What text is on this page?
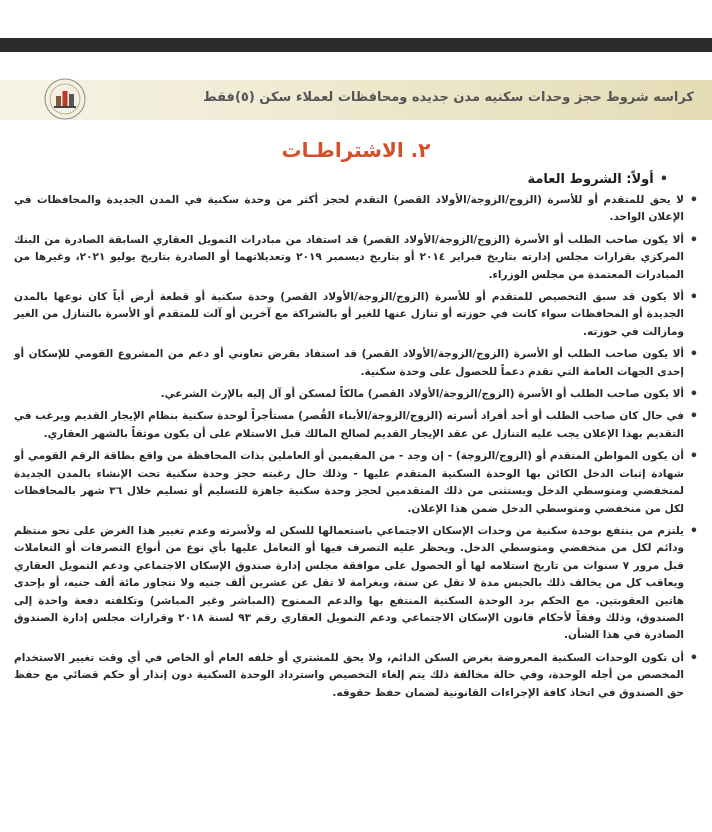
كراسه شروط حجز وحدات سكنيه مدن جديده ومحافظات لعملاء سكن (٥)فقط
٢. الاشتراطـات
•أولاً: الشروط العامة
• لا يحق للمتقدم أو للأسرة (الزوج/الزوجة/الأولاد القصر) التقدم لحجز أكثر من وحدة سكنية في المدن الجديدة والمحافظات في الإعلان الواحد.
• ألا يكون صاحب الطلب أو الأسرة (الزوج/الزوجة/الأولاد القصر) قد استفاد من مبادرات التمويل العقاري السابقة الصادرة من البنك المركزي بقرارات مجلس إدارته بتاريخ فبراير ٢٠١٤ أو بتاريخ ديسمبر ٢٠١٩ وتعديلاتهما أو الصادرة بتاريخ يوليو ٢٠٢١، وغيرها من المبادرات المعتمدة من مجلس الوزراء.
• ألا يكون قد سبق التخصيص للمتقدم أو للأسرة (الزوج/الزوجة/الأولاد القصر) وحدة سكنية أو قطعة أرض أياً كان نوعها بالمدن الجديدة أو المحافظات سواء كانت في حوزته أو تنازل عنها للغير أو بالشراكة مع آخرين أو آلت للمتقدم أو الأسرة بالتنازل من الغير ومازالت في حوزته.
• ألا يكون صاحب الطلب أو الأسرة (الزوج/الزوجة/الأولاد القصر) قد استفاد بقرض تعاوني أو دعم من المشروع القومي للإسكان أو إحدى الجهات العامة التي تقدم دعماً للحصول على وحدة سكنية.
• ألا يكون صاحب الطلب أو الأسرة (الزوج/الزوجة/الأولاد القصر) مالكاً لمسكن أو آل إليه بالإرث الشرعي.
• في حال كان صاحب الطلب أو أحد أفراد أسرته (الزوج/الزوجة/الأبناء القُصر) مستأجراً لوحدة سكنية بنظام الإيجار القديم ويرغب في التقديم بهذا الإعلان يجب عليه التنازل عن عقد الإيجار القديم لصالح المالك قبل الاستلام على أن يكون موثقاً بالشهر العقاري.
• أن يكون المواطن المتقدم أو (الزوج/الزوجة) - إن وجد - من المقيمين أو العاملين بذات المحافظة من واقع بطاقة الرقم القومي أو شهادة إثبات الدخل الكائن بها الوحدة السكنية المتقدم عليها - وذلك حال رغبته حجز وحدة سكنية تحت الإنشاء بالمدن الجديدة لمنخفضي ومتوسطي الدخل ويستثنى من ذلك المتقدمين لحجز وحدة سكنية جاهزة للتسليم أو تسليم خلال ٣٦ شهر بالمحافظات لكل من منخفضي ومتوسطي الدخل ضمن هذا الإعلان.
• يلتزم من ينتفع بوحدة سكنية من وحدات الإسكان الاجتماعي باستعمالها للسكن له ولأسرته وعدم تغيير هذا الغرض على نحو منتظم ودائم لكل من منخفضي ومتوسطي الدخل. ويحظر عليه التصرف فيها أو التعامل عليها بأي نوع من أنواع التصرفات أو التعاملات قبل مرور ٧ سنوات من تاريخ استلامه لها أو الحصول على موافقة مجلس إدارة صندوق الإسكان الاجتماعي ودعم التمويل العقاري ويعاقب كل من يخالف ذلك بالحبس مدة لا تقل عن سنة، وبغرامة لا تقل عن عشرين ألف جنيه ولا تتجاوز مائة ألف جنيه، أو بإحدى هاتين العقوبتين. مع الحكم برد الوحدة السكنية المنتفع بها والدعم الممنوح (المباشر وغير المباشر) وتكلفته دفعة واحدة إلى الصندوق، وذلك وفقاً لأحكام قانون الإسكان الاجتماعي ودعم التمويل العقاري رقم ٩٣ لسنة ٢٠١٨ وقرارات مجلس إدارة الصندوق الصادرة في هذا الشأن.
• أن تكون الوحدات السكنية المعروضة بغرض السكن الدائم، ولا يحق للمشتري أو خلفه العام أو الخاص في أي وقت تغيير الاستخدام المخصص من أجله الوحدة، وفي حالة مخالفة ذلك يتم إلغاء التخصيص واسترداد الوحدة السكنية دون إنذار أو حكم قضائي مع حفظ حق الصندوق في اتخاذ كافة الإجراءات القانونية لضمان حفظ حقوقه.
